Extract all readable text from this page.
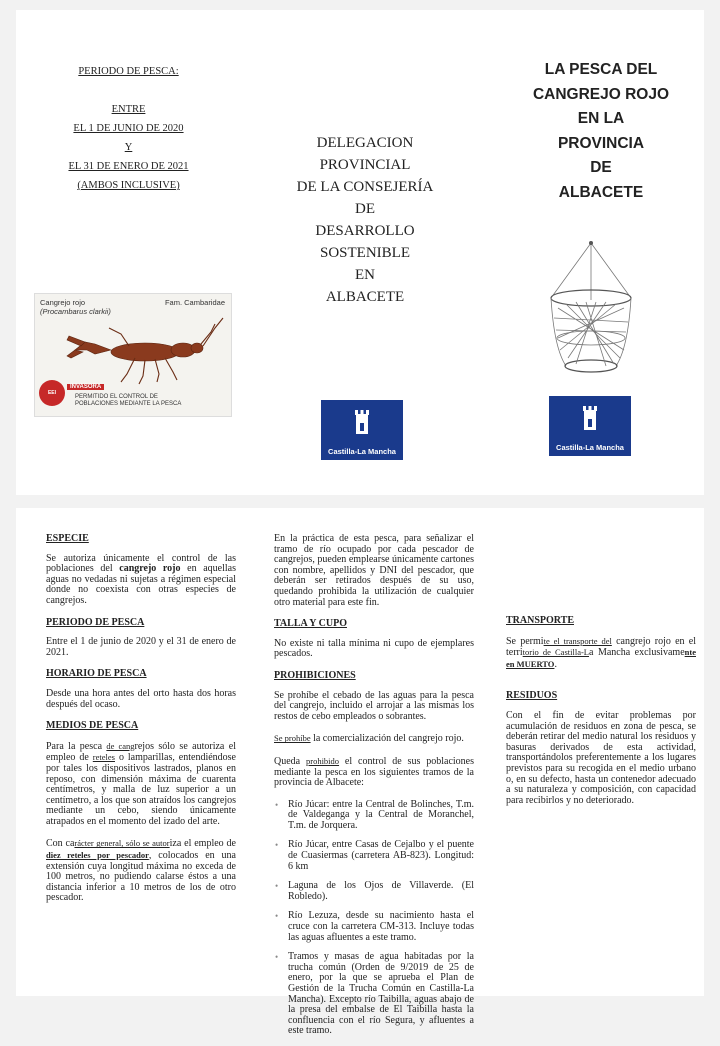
PERIODO DE PESCA:
ENTRE
EL 1 DE JUNIO DE 2020
Y
EL 31 DE ENERO DE 2021
(AMBOS INCLUSIVE)
Cangrejo rojo
(Procambarus clarkii)
Fam. Cambaridae
EEI
INVASORA
PERMITIDO EL CONTROL DE
POBLACIONES MEDIANTE LA PESCA
DELEGACION
PROVINCIAL
DE LA CONSEJERÍA
DE
DESARROLLO
SOSTENIBLE
EN
ALBACETE
Castilla-La Mancha
LA PESCA DEL
CANGREJO ROJO
EN LA
PROVINCIA
DE
ALBACETE
Castilla-La Mancha
ESPECIE

Se autoriza únicamente el control de las poblaciones del cangrejo rojo en aquellas aguas no vedadas ni sujetas a régimen especial donde no coexista con otras especies de cangrejos.

PERIODO DE PESCA

Entre el 1 de junio de 2020 y el 31 de enero de 2021.

HORARIO DE PESCA

Desde una hora antes del orto hasta dos horas después del ocaso.

MEDIOS DE PESCA

Para la pesca de cangrejos sólo se autoriza el empleo de reteles o lamparillas, entendiéndose por tales los dispositivos lastrados, planos en reposo, con dimensión máxima de cuarenta centímetros, y malla de luz superior a un centímetro, a los que son atraídos los cangrejos mediante un cebo, siendo únicamente atrapados en el momento del izado del arte.

Con carácter general, sólo se autoriza el empleo de diez reteles por pescador, colocados en una extensión cuya longitud máxima no exceda de 100 metros, no pudiendo calarse éstos a una distancia inferior a 10 metros de los de otro pescador.

En la práctica de esta pesca, para señalizar el tramo de río ocupado por cada pescador de cangrejos, pueden emplearse únicamente cartones con nombre, apellidos y DNI del pescador, que deberán ser retirados después de su uso, quedando prohibida la utilización de cualquier otro material para este fin.

TALLA Y CUPO

No existe ni talla mínima ni cupo de ejemplares pescados.

PROHIBICIONES

Se prohíbe el cebado de las aguas para la pesca del cangrejo, incluido el arrojar a las mismas los restos de cebo empleados o sobrantes.

Se prohíbe la comercialización del cangrejo rojo.

Queda prohibido el control de sus poblaciones mediante la pesca en los siguientes tramos de la provincia de Albacete:

• Río Júcar: entre la Central de Bolinches, T.m. de Valdeganga y la Central de Moranchel, T.m. de Jorquera.
• Río Júcar, entre Casas de Cejalbo y el puente de Cuasiermas (carretera AB-823). Longitud: 6 km
• Laguna de los Ojos de Villaverde. (El Robledo).
• Río Lezuza, desde su nacimiento hasta el cruce con la carretera CM-313. Incluye todas las aguas afluentes a este tramo.
• Tramos y masas de agua habitadas por la trucha común (Orden de 9/2019 de 25 de enero, por la que se aprueba el Plan de Gestión de la Trucha Común en Castilla-La Mancha). Excepto río Taibilla, aguas abajo de la presa del embalse de El Taibilla hasta la confluencia con el río Segura, y afluentes a este tramo.
TRANSPORTE

Se permite el transporte del cangrejo rojo en el territorio de Castilla-La Mancha exclusivamente en MUERTO.

RESIDUOS

Con el fin de evitar problemas por acumulación de residuos en zona de pesca, se deberán retirar del medio natural los residuos y basuras derivados de esta actividad, transportándolos preferentemente a los lugares previstos para su recogida en el medio urbano o, en su defecto, hasta un contenedor adecuado a su naturaleza y composición, con capacidad para recibirlos y no deteriorado.
